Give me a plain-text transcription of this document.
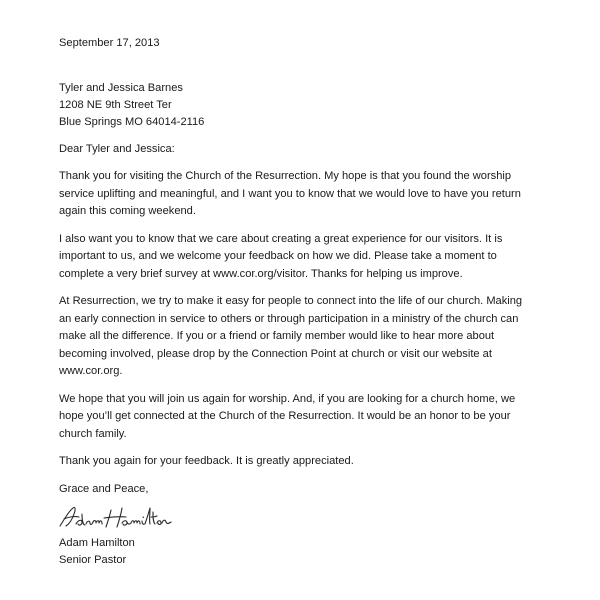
September 17, 2013

Tyler and Jessica Barnes

1208 NE 9th Street Ter

Blue Springs MO 64014-2116

Dear Tyler and Jessica:

Thank you for visiting the Church of the Resurrection. My hope is that you found the worship

service uplifting and meaningful, and I want you to know that we would love to have you return

again this coming weekend.

I also want you to know that we care about creating a great experience for our visitors. It is

important to us, and we welcome your feedback on how we did. Please take a moment to

complete a very brief survey at www.cor.org/visitor. Thanks for helping us improve.

At Resurrection, we try to make it easy for people to connect into the life of our church. Making

an early connection in service to others or through participation in a ministry of the church can

make all the difference. If you or a friend or family member would like to hear more about

becoming involved, please drop by the Connection Point at church or visit our website at

www.cor.org.

We hope that you will join us again for worship. And, if you are looking for a church home, we

hope you’ll get connected at the Church of the Resurrection. It would be an honor to be your

church family.

Thank you again for your feedback. It is greatly appreciated.

Grace and Peace,

Adam Hamilton

Senior Pastor
